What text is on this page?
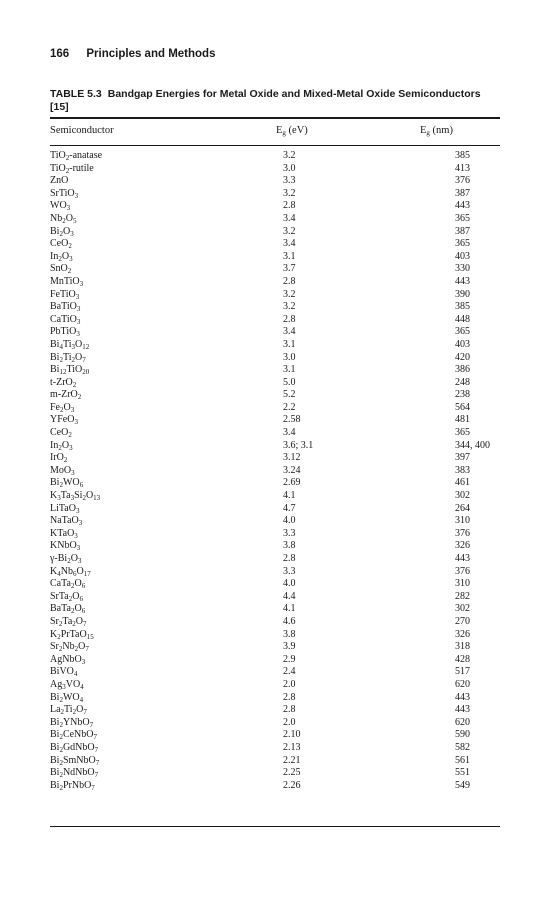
166 Principles and Methods
TABLE 5.3 Bandgap Energies for Metal Oxide and Mixed-Metal Oxide Semiconductors [15]
Semiconductor	$E_g$ (eV)	$E_g$ (nm)
TiO$_2$-anatase	3.2	385
TiO$_2$-rutile	3.0	413
ZnO	3.3	376
SrTiO$_3$	3.2	387
$WO_3$	2.8	443
$Nb_2O_5$	3.4	365
$Bi_2O_3$	3.2	387
CeO$_2$	3.4	365
$In_2O_3$	3.1	403
SnO$_2$	3.7	330
MnTiO$_3$	2.8	443
FeTiO$_3$	3.2	390
BaTiO$_3$	3.2	385
CaTiO$_3$	2.8	448
PbTiO$_3$	3.4	365
$Bi_4Ti_3O_{12}$	3.1	403
$Bi_2Ti_2O_7$	3.0	420
$Bi_{12}TiO_{20}$	3.1	386
t-ZrO$_2$	5.0	248
m-ZrO$_2$	5.2	238
$Fe_2O_3$	2.2	564
YFeO$_3$	2.58	481
CeO$_2$	3.4	365
$In_2O_3$	3.6; 3.1	344, 400
IrO$_2$	3.12	397
MoO$_3$	3.24	383
$Bi_2WO_6$	2.69	461
$K_3Ta_3Si_2O_{13}$	4.1	302
LiTaO$_3$	4.7	264
NaTaO$_3$	4.0	310
KTaO$_3$	3.3	376
KNbO$_3$	3.8	326
$\gamma-Bi_2O_3$	2.8	443
$K_4Nb_6O_{17}$	3.3	376
$CaTa_2O_6$	4.0	310
$SrTa_2O_6$	4.4	282
$BaTa_2O_6$	4.1	302
$Sr_2Ta_2O_7$	4.6	270
$K_2PrTaO_{15}$	3.8	326
$Sr_2Nb_2O_7$	3.9	318
AgNbO$_3$	2.9	428
BiVO$_4$	2.4	517
$Ag_3VO_4$	2.0	620
$Bi_2WO_4$	2.8	443
$La_2Ti_2O_7$	2.8	443
$Bi_2YNbO_7$	2.0	620
$Bi_2CeNbO_7$	2.10	590
$Bi_2GdNbO_7$	2.13	582
$Bi_2SmNbO_7$	2.21	561
$Bi_2NdNbO_7$	2.25	551
$Bi_2PrNbO_7$	2.26	549
